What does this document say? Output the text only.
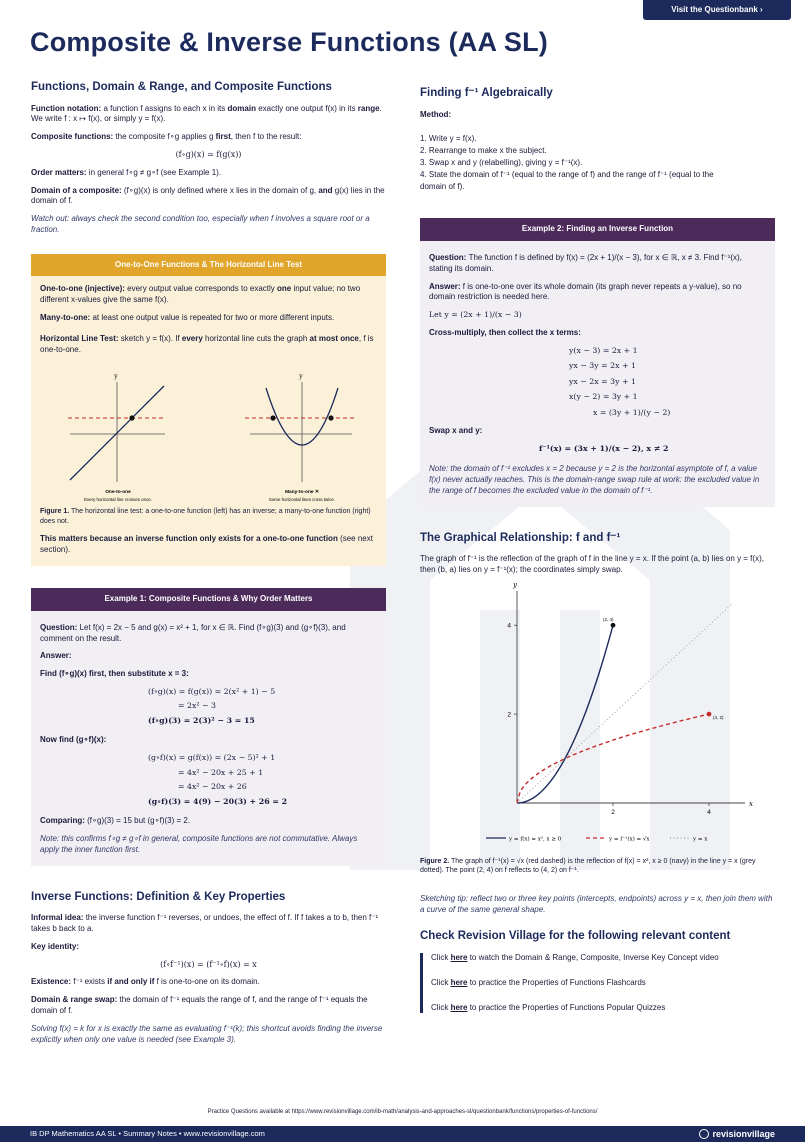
Visit the Questionbank ›
Composite & Inverse Functions (AA SL)
Functions, Domain & Range, and Composite Functions

Function notation: a function f assigns to each x in its domain exactly one output f(x) in its range. We write f : x ↦ f(x), or simply y = f(x).

Composite functions: the composite f∘g applies g first, then f to the result:

(f∘g)(x) = f(g(x))

Order matters: in general f∘g ≠ g∘f (see Example 1).

Domain of a composite: (f∘g)(x) is only defined where x lies in the domain of g, and g(x) lies in the domain of f.

Watch out: always check the second condition too, especially when f involves a square root or a fraction.

One-to-One Functions & The Horizontal Line Test

One-to-one (injective): every output value corresponds to exactly one input value; no two different x-values give the same f(x).

Many-to-one: at least one output value is repeated for two or more different inputs.

Horizontal Line Test: sketch y = f(x). If every horizontal line cuts the graph at most once, f is one-to-one.

y
One-to-one
Every horizontal line crosses once.
y
Many-to-one ✕
Some horizontal lines cross twice.

Figure 1. The horizontal line test: a one-to-one function (left) has an inverse; a many-to-one function (right) does not.

This matters because an inverse function only exists for a one-to-one function (see next section).

Example 1: Composite Functions & Why Order Matters

Question: Let f(x) = 2x − 5 and g(x) = x² + 1, for x ∈ ℝ. Find (f∘g)(3) and (g∘f)(3), and comment on the result.

Answer:

Find (f∘g)(x) first, then substitute x = 3:

(f∘g)(x) = f(g(x)) = 2(x² + 1) − 5
= 2x² − 3
(f∘g)(3) = 2(3)² − 3 = 15

Now find (g∘f)(x):

(g∘f)(x) = g(f(x)) = (2x − 5)² + 1
= 4x² − 20x + 25 + 1
= 4x² − 20x + 26
(g∘f)(3) = 4(9) − 20(3) + 26 = 2

Comparing: (f∘g)(3) = 15 but (g∘f)(3) = 2.

Note: this confirms f∘g ≠ g∘f in general, composite functions are not commutative. Always apply the inner function first.

Inverse Functions: Definition & Key Properties

Informal idea: the inverse function f⁻¹ reverses, or undoes, the effect of f. If f takes a to b, then f⁻¹ takes b back to a.

Key identity:

(f∘f⁻¹)(x) = (f⁻¹∘f)(x) = x

Existence: f⁻¹ exists if and only if f is one-to-one on its domain.

Domain & range swap: the domain of f⁻¹ equals the range of f, and the range of f⁻¹ equals the domain of f.

Solving f(x) = k for x is exactly the same as evaluating f⁻¹(k); this shortcut avoids finding the inverse explicitly when only one value is needed (see Example 3).

Finding f⁻¹ Algebraically

Method:

1. Write y = f(x).
2. Rearrange to make x the subject.
3. Swap x and y (relabelling), giving y = f⁻¹(x).
4. State the domain of f⁻¹ (equal to the range of f) and the range of f⁻¹ (equal to the
domain of f).
Example 2: Finding an Inverse Function

Question: The function f is defined by f(x) = (2x + 1)/(x − 3), for x ∈ ℝ, x ≠ 3. Find f⁻¹(x), stating its domain.

Answer: f is one-to-one over its whole domain (its graph never repeats a y-value), so no domain restriction is needed here.

Let y = (2x + 1)/(x − 3)

Cross-multiply, then collect the x terms:

y(x − 3) = 2x + 1
yx − 3y = 2x + 1
yx − 2x = 3y + 1
x(y − 2) = 3y + 1
x = (3y + 1)/(y − 2)

Swap x and y:

f⁻¹(x) = (3x + 1)/(x − 2), x ≠ 2

Note: the domain of f⁻¹ excludes x = 2 because y = 2 is the horizontal asymptote of f, a value f(x) never actually reaches. This is the domain-range swap rule at work: the excluded value in the range of f becomes the excluded value in the domain of f⁻¹.

The Graphical Relationship: f and f⁻¹

The graph of f⁻¹ is the reflection of the graph of f in the line y = x. If the point (a, b) lies on y = f(x), then (b, a) lies on y = f⁻¹(x); the coordinates simply swap.

x
y
2	4
2
4
(2, 4)
(4, 2)
y = f(x) = x², x ≥ 0	y = f⁻¹(x) = √x	y = x

Figure 2. The graph of f⁻¹(x) = √x (red dashed) is the reflection of f(x) = x², x ≥ 0 (navy) in the line y = x (grey dotted). The point (2, 4) on f reflects to (4, 2) on f⁻¹.

Sketching tip: reflect two or three key points (intercepts, endpoints) across y = x, then join them with a curve of the same general shape.

Check Revision Village for the following relevant content

Click here to watch the Domain & Range, Composite, Inverse Key Concept video

Click here to practice the Properties of Functions Flashcards

Click here to practice the Properties of Functions Popular Quizzes

Practice Questions available at https://www.revisionvillage.com/ib-math/analysis-and-approaches-sl/questionbank/functions/properties-of-functions/
IB DP Mathematics AA SL • Summary Notes • www.revisionvillage.com	revisionvillage
